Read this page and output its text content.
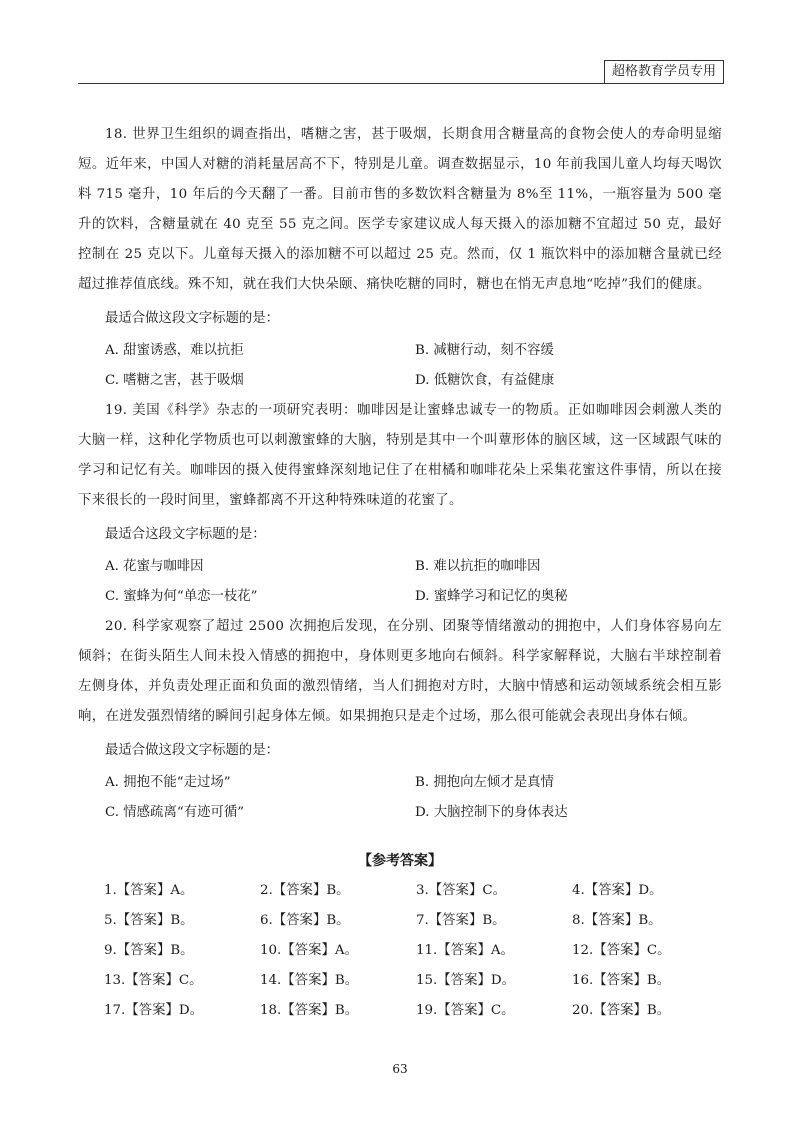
超格教育学员专用

18. 世界卫生组织的调查指出，嗜糖之害，甚于吸烟，长期食用含糖量高的食物会使人的寿命明显缩短。近年来，中国人对糖的消耗量居高不下，特别是儿童。调查数据显示，10 年前我国儿童人均每天喝饮料 715 毫升，10 年后的今天翻了一番。目前市售的多数饮料含糖量为 8%至 11%，一瓶容量为 500 毫升的饮料，含糖量就在 40 克至 55 克之间。医学专家建议成人每天摄入的添加糖不宜超过 50 克，最好控制在 25 克以下。儿童每天摄入的添加糖不可以超过 25 克。然而，仅 1 瓶饮料中的添加糖含量就已经超过推荐值底线。殊不知，就在我们大快朵颐、痛快吃糖的同时，糖也在悄无声息地“吃掉”我们的健康。

最适合做这段文字标题的是：

A. 甜蜜诱惑，难以抗拒	B. 减糖行动，刻不容缓
C. 嗜糖之害，甚于吸烟	D. 低糖饮食，有益健康

19. 美国《科学》杂志的一项研究表明：咖啡因是让蜜蜂忠诚专一的物质。正如咖啡因会刺激人类的大脑一样，这种化学物质也可以刺激蜜蜂的大脑，特别是其中一个叫蕈形体的脑区域，这一区域跟气味的学习和记忆有关。咖啡因的摄入使得蜜蜂深刻地记住了在柑橘和咖啡花朵上采集花蜜这件事情，所以在接下来很长的一段时间里，蜜蜂都离不开这种特殊味道的花蜜了。

最适合这段文字标题的是：

A. 花蜜与咖啡因	B. 难以抗拒的咖啡因
C. 蜜蜂为何“单恋一枝花”	D. 蜜蜂学习和记忆的奥秘

20. 科学家观察了超过 2500 次拥抱后发现，在分别、团聚等情绪激动的拥抱中，人们身体容易向左倾斜；在街头陌生人间未投入情感的拥抱中，身体则更多地向右倾斜。科学家解释说，大脑右半球控制着左侧身体，并负责处理正面和负面的激烈情绪，当人们拥抱对方时，大脑中情感和运动领域系统会相互影响，在迸发强烈情绪的瞬间引起身体左倾。如果拥抱只是走个过场，那么很可能就会表现出身体右倾。

最适合做这段文字标题的是：

A. 拥抱不能“走过场”	B. 拥抱向左倾才是真情
C. 情感疏离“有迹可循”	D. 大脑控制下的身体表达
【参考答案】
1.【答案】A。	2.【答案】B。	3.【答案】C。	4.【答案】D。
5.【答案】B。	6.【答案】B。	7.【答案】B。	8.【答案】B。
9.【答案】B。	10.【答案】A。	11.【答案】A。	12.【答案】C。
13.【答案】C。	14.【答案】B。	15.【答案】D。	16.【答案】B。
17.【答案】D。	18.【答案】B。	19.【答案】C。	20.【答案】B。
63
